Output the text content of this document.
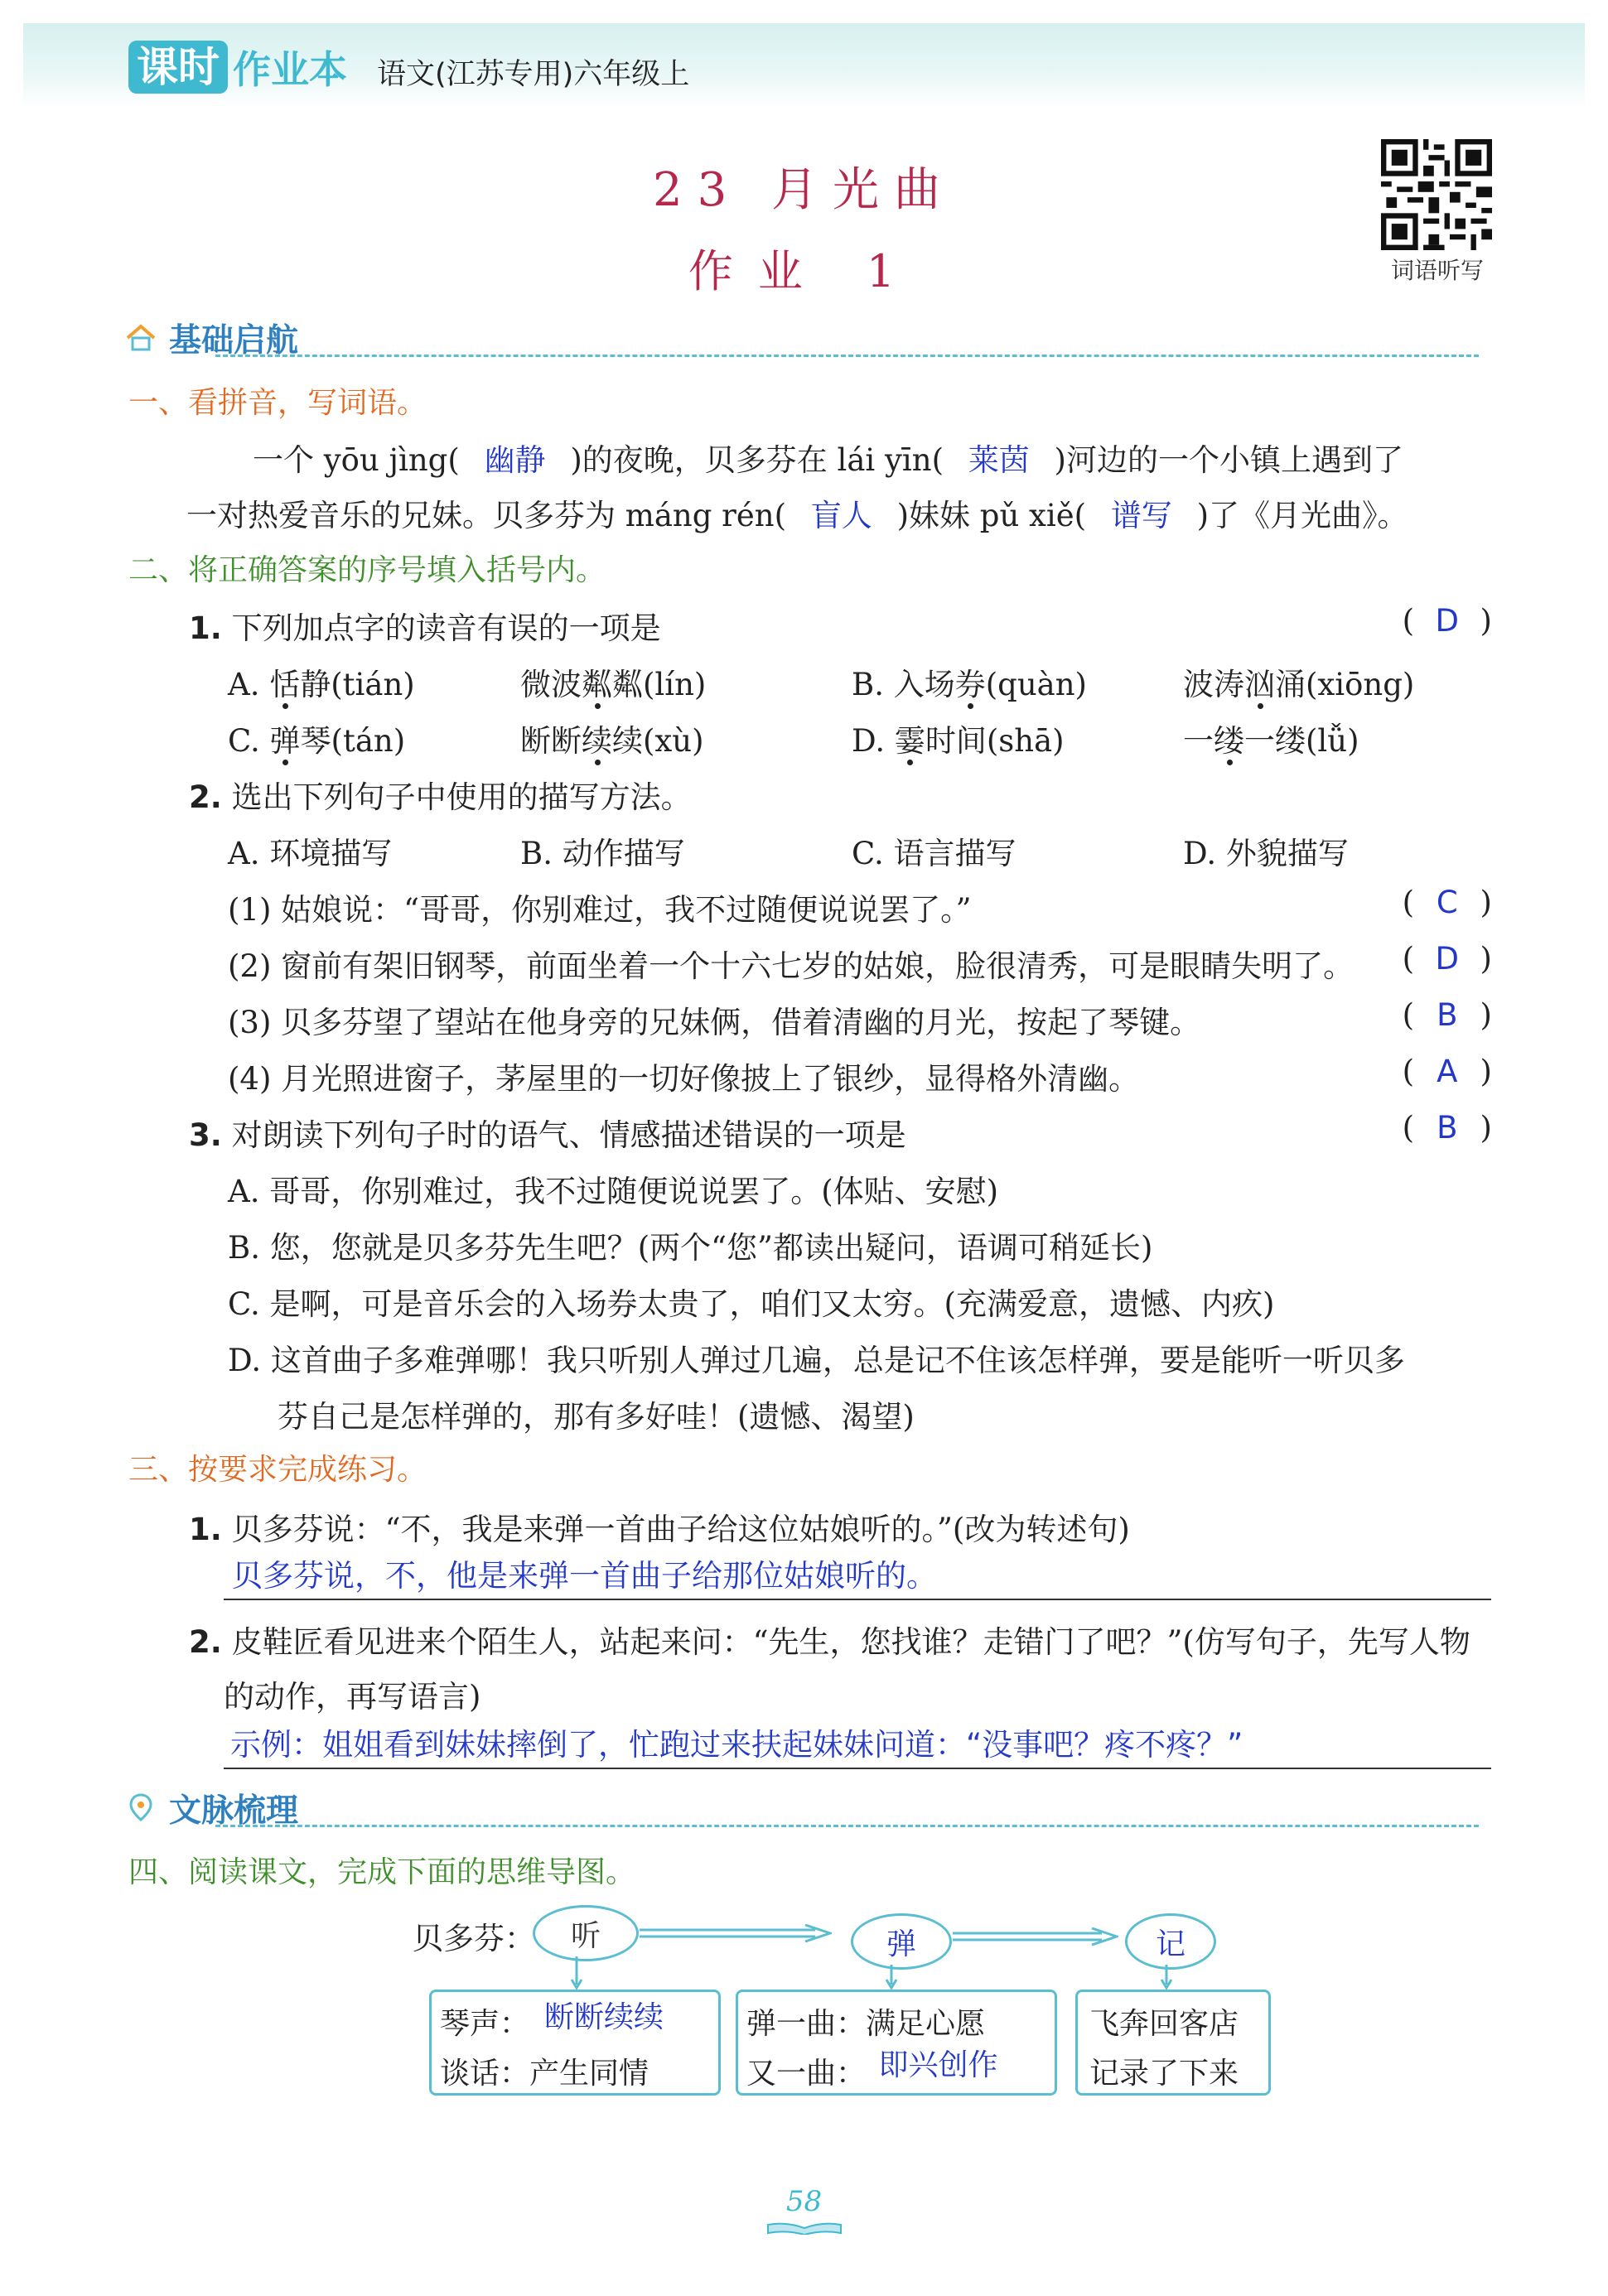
课时 作业本 语文(江苏专用)六年级上
23 月光曲
作业 1	词语听写
基础启航
一、看拼音，写词语。
一个 yōu jìng( 幽静 )的夜晚，贝多芬在 lái yīn( 莱茵 )河边的一个小镇上遇到了
一对热爱音乐的兄妹。贝多芬为 máng rén( 盲人 )妹妹 pǔ xiě( 谱写 )了《月光曲》。
二、将正确答案的序号填入括号内。
1. 下列加点字的读音有误的一项是	( D )
A. 恬静(tián)	微波粼粼(lín)	B. 入场券(quàn)	波涛汹涌(xiōng)
C. 弹琴(tán)	断断续续(xù)	D. 霎时间(shā)	一缕一缕(lǚ)
2. 选出下列句子中使用的描写方法。
A. 环境描写	B. 动作描写	C. 语言描写	D. 外貌描写
(1) 姑娘说：“哥哥，你别难过，我不过随便说说罢了。”	( C )
(2) 窗前有架旧钢琴，前面坐着一个十六七岁的姑娘，脸很清秀，可是眼睛失明了。 ( D )
(3) 贝多芬望了望站在他身旁的兄妹俩，借着清幽的月光，按起了琴键。	( B )
(4) 月光照进窗子，茅屋里的一切好像披上了银纱，显得格外清幽。	( A )
3. 对朗读下列句子时的语气、情感描述错误的一项是	( B )
A. 哥哥，你别难过，我不过随便说说罢了。(体贴、安慰)
B. 您，您就是贝多芬先生吧？(两个“您”都读出疑问，语调可稍延长)
C. 是啊，可是音乐会的入场券太贵了，咱们又太穷。(充满爱意，遗憾、内疚)
D. 这首曲子多难弹哪！我只听别人弹过几遍，总是记不住该怎样弹，要是能听一听贝多
芬自己是怎样弹的，那有多好哇！(遗憾、渴望)
三、按要求完成练习。
1. 贝多芬说：“不，我是来弹一首曲子给这位姑娘听的。”(改为转述句)
贝多芬说，不，他是来弹一首曲子给那位姑娘听的。
2. 皮鞋匠看见进来个陌生人，站起来问：“先生，您找谁？走错门了吧？”(仿写句子，先写人物
的动作，再写语言)
示例：姐姐看到妹妹摔倒了，忙跑过来扶起妹妹问道：“没事吧？疼不疼？”
文脉梳理
四、阅读课文，完成下面的思维导图。
贝多芬： 听	弹	记
琴声： 断断续续
谈话：产生同情
弹一曲：满足心愿
又一曲： 即兴创作
飞奔回客店
记录了下来
58
